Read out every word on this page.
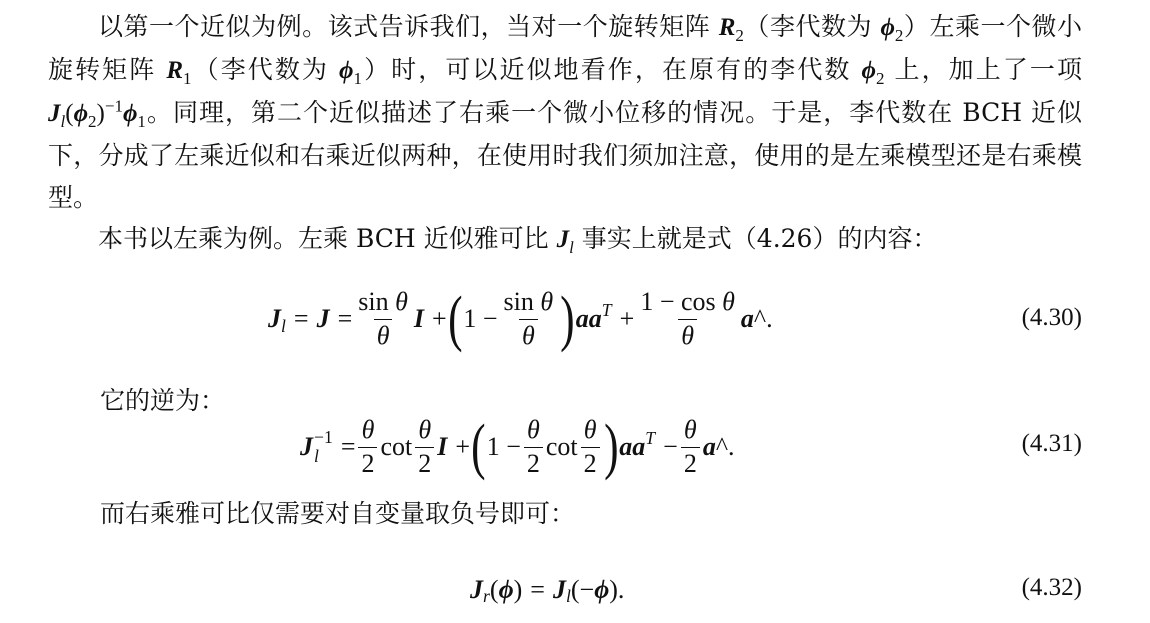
以第一个近似为例。该式告诉我们，当对一个旋转矩阵 $R_2$（李代数为 $\phi_2$）左乘一个微小旋转矩阵 $R_1$（李代数为 $\phi_1$）时，可以近似地看作，在原有的李代数 $\phi_2$ 上，加上了一项 $J_l(\phi_2)^{-1}\phi_1$。同理，第二个近似描述了右乘一个微小位移的情况。于是，李代数在 BCH 近似下，分成了左乘近似和右乘近似两种，在使用时我们须加注意，使用的是左乘模型还是右乘模型。

本书以左乘为例。左乘 BCH 近似雅可比 $J_l$ 事实上就是式（4.26）的内容：

J $l = J = \frac{\text{sin θ}}{\theta}$ I + ( $1 - \frac{\text{sin θ}}{\theta}$ ) aa $T + \frac{\text{1 − cos θ}}{\theta}$ a ^.	(4.30)
J −1
$l = \frac{\theta}{2}$ $\cot \frac{\theta}{2}$ I + ( $1 - \frac{\theta}{2}$ $\cot \frac{\theta}{2}$ ) aa $T - \frac{\theta}{2}$ a ^.	(4.31)
J r ( ϕ ) = J l (− ϕ ).	(4.32)
它的逆为：
而右乘雅可比仅需要对自变量取负号即可：
